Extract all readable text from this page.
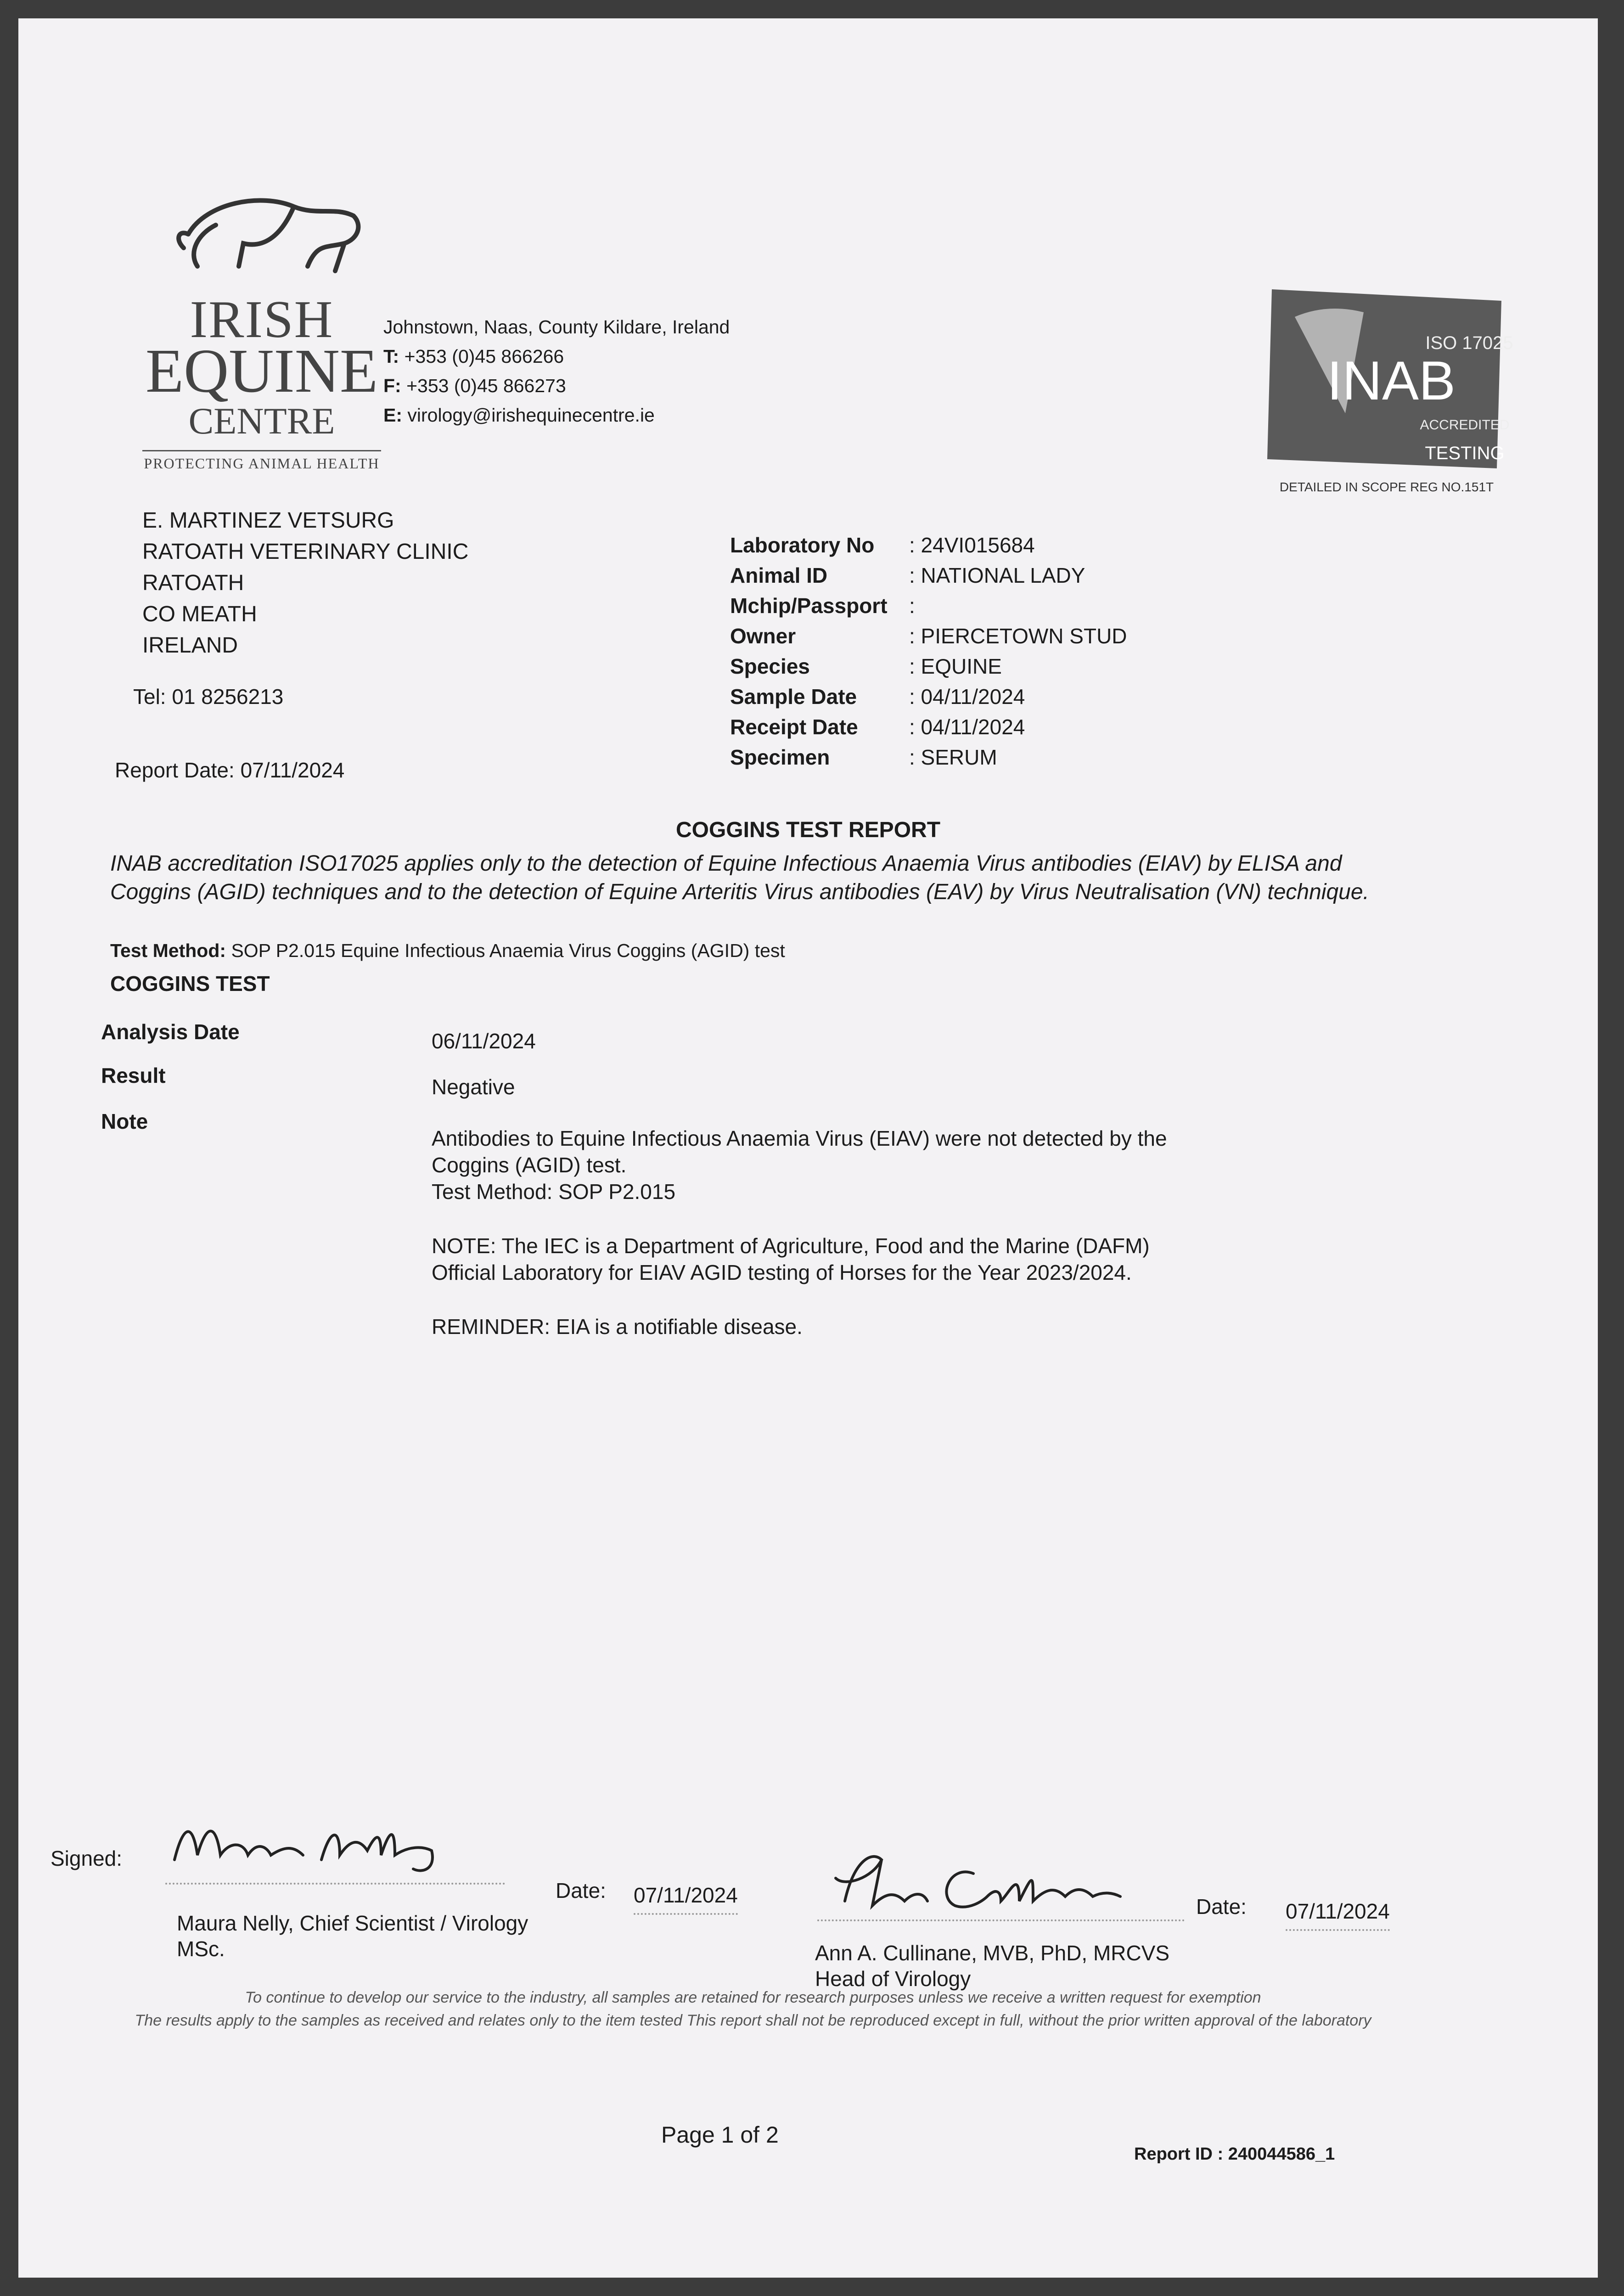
IRISH
EQUINE
CENTRE
PROTECTING ANIMAL HEALTH
Johnstown, Naas, County Kildare, Ireland
T: +353 (0)45 866266
F: +353 (0)45 866273
E: virology@irishequinecentre.ie
ISO 17025
INAB
ACCREDITED
TESTING
DETAILED IN SCOPE REG NO.151T
E. MARTINEZ VETSURG
RATOATH VETERINARY CLINIC
RATOATH
CO MEATH
IRELAND
Tel: 01 8256213
Report Date: 07/11/2024
Laboratory No	: 24VI015684
Animal ID	: NATIONAL LADY
Mchip/Passport	:
Owner	: PIERCETOWN STUD
Species	: EQUINE
Sample Date	: 04/11/2024
Receipt Date	: 04/11/2024
Specimen	: SERUM
COGGINS TEST REPORT
INAB accreditation ISO17025 applies only to the detection of Equine Infectious Anaemia Virus antibodies (EIAV) by ELISA and Coggins (AGID) techniques and to the detection of Equine Arteritis Virus antibodies (EAV) by Virus Neutralisation (VN) technique.
Test Method: SOP P2.015 Equine Infectious Anaemia Virus Coggins (AGID) test
COGGINS TEST
Analysis Date	06/11/2024
Result	Negative
Note

Antibodies to Equine Infectious Anaemia Virus (EIAV) were not detected by the Coggins (AGID) test.
Test Method: SOP P2.015

NOTE: The IEC is a Department of Agriculture, Food and the Marine (DAFM) Official Laboratory for EIAV AGID testing of Horses for the Year 2023/2024.

REMINDER: EIA is a notifiable disease.

Signed:
Date: 07/11/2024
Maura Nelly, Chief Scientist / Virology
MSc.
Date: 07/11/2024
Ann A. Cullinane, MVB, PhD, MRCVS
Head of Virology
To continue to develop our service to the industry, all samples are retained for research purposes unless we receive a written request for exemption
The results apply to the samples as received and relates only to the item tested This report shall not be reproduced except in full, without the prior written approval of the laboratory
Page 1 of 2
Report ID : 240044586_1
